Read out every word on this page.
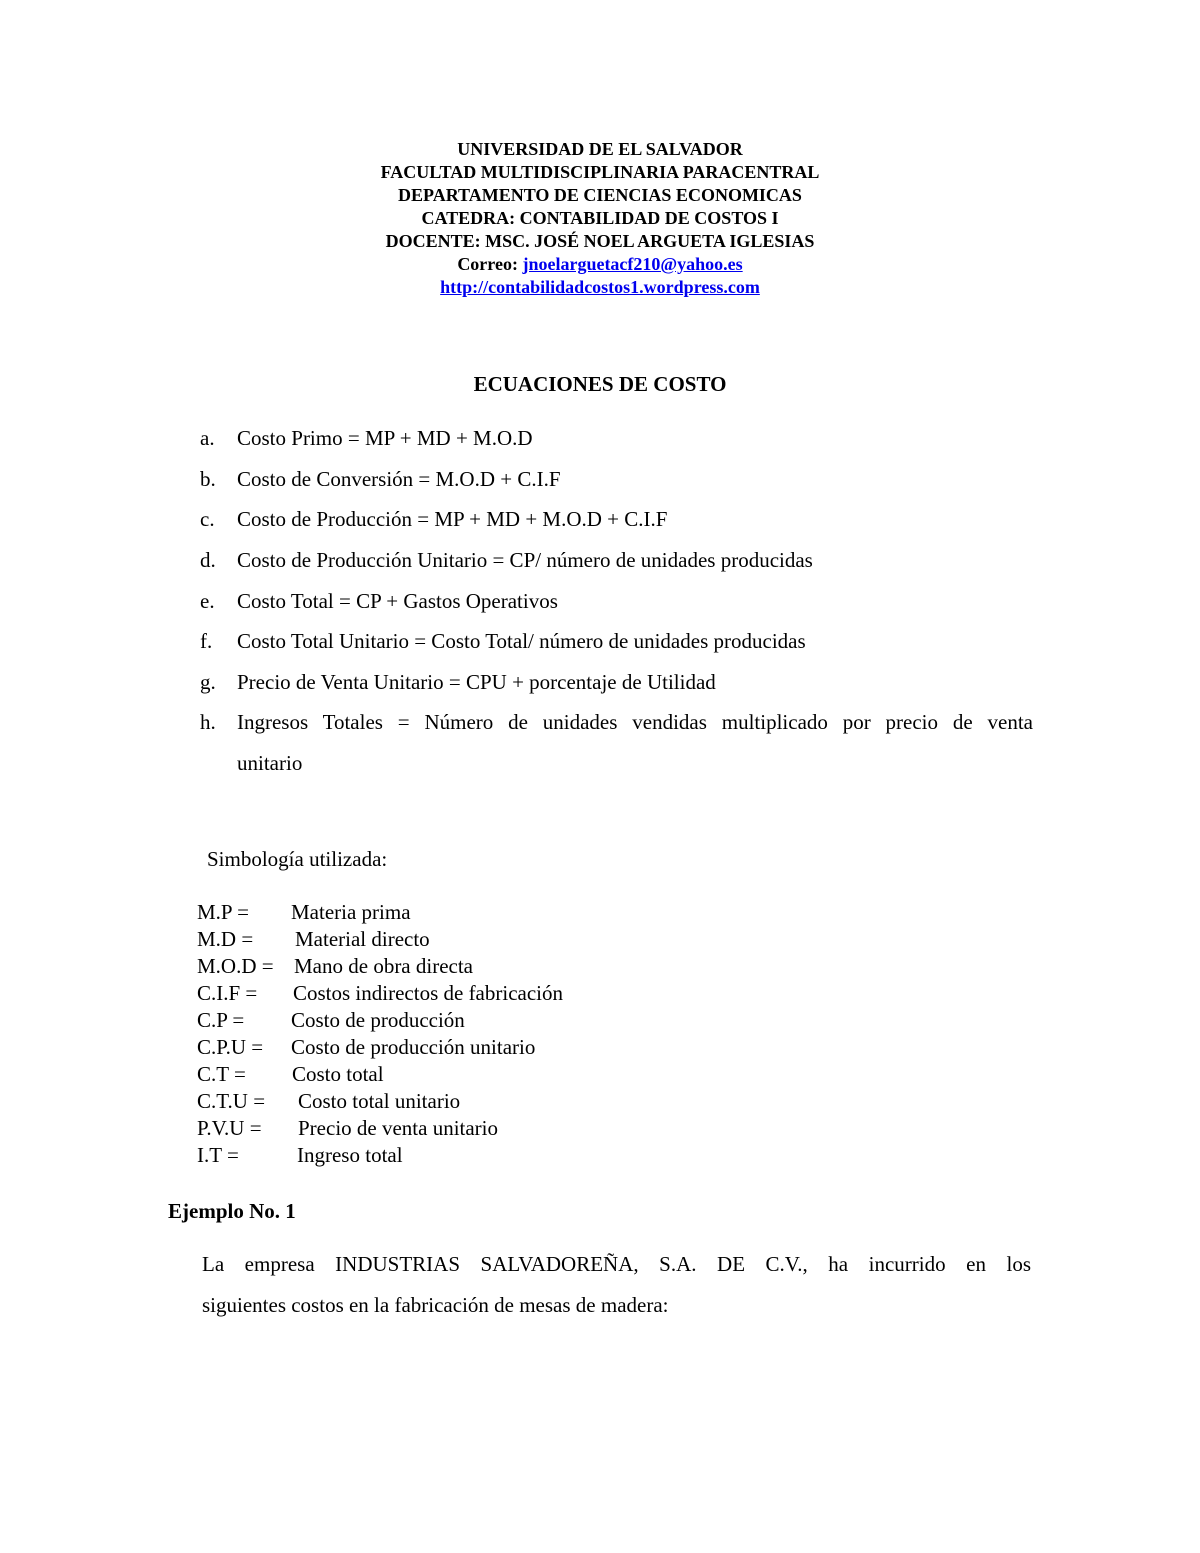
UNIVERSIDAD DE EL SALVADOR
FACULTAD MULTIDISCIPLINARIA PARACENTRAL
DEPARTAMENTO DE CIENCIAS ECONOMICAS
CATEDRA: CONTABILIDAD DE COSTOS I
DOCENTE: MSC. JOSÉ NOEL ARGUETA IGLESIAS
Correo: jnoelarguetacf210@yahoo.es
http://contabilidadcostos1.wordpress.com
ECUACIONES DE COSTO
a. Costo Primo = MP + MD + M.O.D
b. Costo de Conversión = M.O.D + C.I.F
c. Costo de Producción = MP + MD + M.O.D + C.I.F
d. Costo de Producción Unitario = CP/ número de unidades producidas
e. Costo Total = CP + Gastos Operativos
f. Costo Total Unitario = Costo Total/ número de unidades producidas
g. Precio de Venta Unitario = CPU + porcentaje de Utilidad
h. Ingresos Totales = Número de unidades vendidas multiplicado por precio de venta
unitario
Simbología utilizada:
M.P = Materia prima
M.D = Material directo
M.O.D = Mano de obra directa
C.I.F = Costos indirectos de fabricación
C.P = Costo de producción
C.P.U = Costo de producción unitario
C.T = Costo total
C.T.U = Costo total unitario
P.V.U = Precio de venta unitario
I.T =	Ingreso total
Ejemplo No. 1
La empresa INDUSTRIAS SALVADOREÑA, S.A. DE C.V., ha incurrido en los
siguientes costos en la fabricación de mesas de madera:
